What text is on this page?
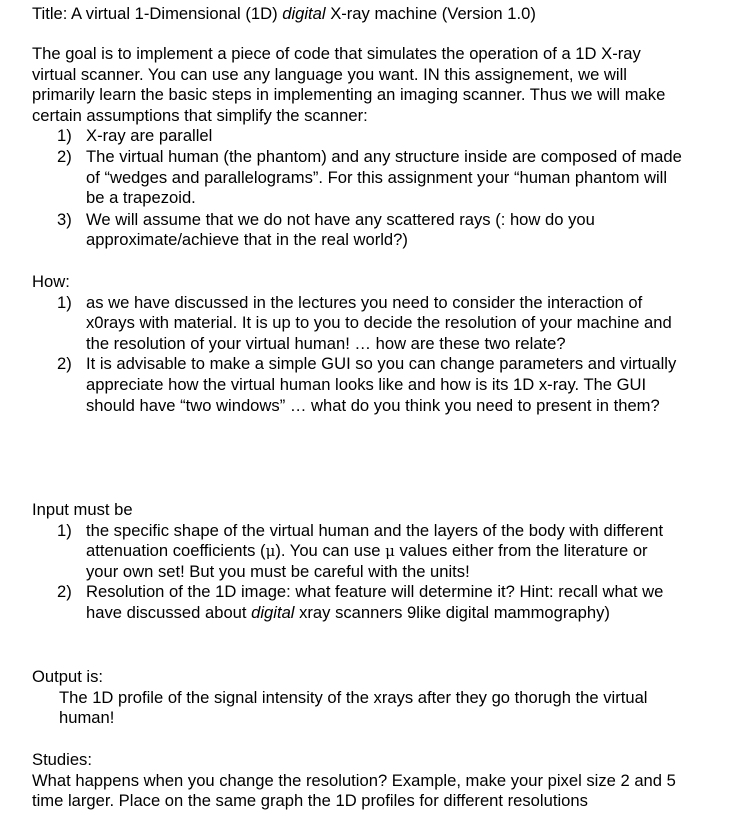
Title: A virtual 1-Dimensional (1D) digital X-ray machine (Version 1.0)

The goal is to implement a piece of code that simulates the operation of a 1D X-ray virtual scanner. You can use any language you want. IN this assignement, we will primarily learn the basic steps in implementing an imaging scanner. Thus we will make certain assumptions that simplify the scanner:

1) X-ray are parallel
2) The virtual human (the phantom) and any structure inside are composed of made of “wedges and parallelograms”. For this assignment your “human phantom will be a trapezoid.
3) We will assume that we do not have any scattered rays (: how do you approximate/achieve that in the real world?)

How:

1) as we have discussed in the lectures you need to consider the interaction of x0rays with material. It is up to you to decide the resolution of your machine and the resolution of your virtual human! … how are these two relate?
2) It is advisable to make a simple GUI so you can change parameters and virtually appreciate how the virtual human looks like and how is its 1D x-ray. The GUI should have “two windows” … what do you think you need to present in them?

Input must be

1) the specific shape of the virtual human and the layers of the body with different attenuation coefficients (μ). You can use μ values either from the literature or your own set! But you must be careful with the units!
2) Resolution of the 1D image: what feature will determine it? Hint: recall what we have discussed about digital xray scanners 9like digital mammography)

Output is:

The 1D profile of the signal intensity of the xrays after they go thorugh the virtual human!

Studies:

What happens when you change the resolution? Example, make your pixel size 2 and 5 time larger. Place on the same graph the 1D profiles for different resolutions
